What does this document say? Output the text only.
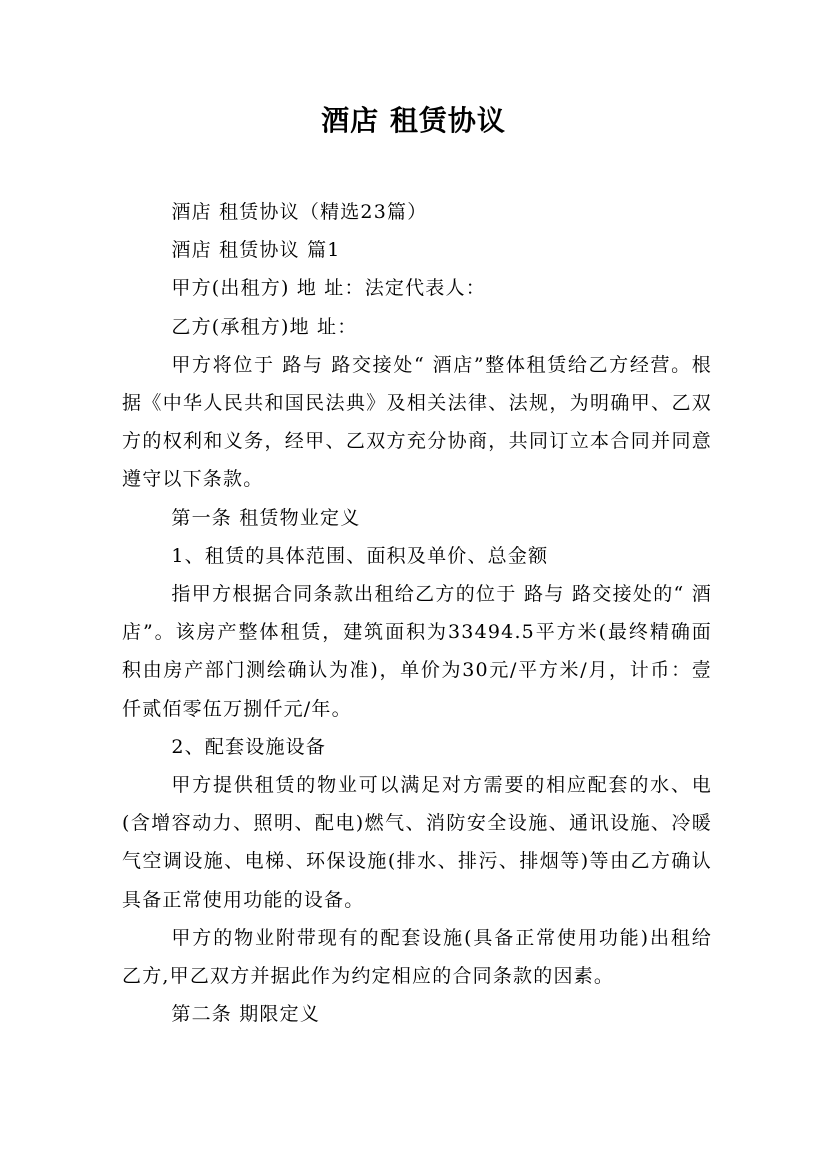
酒店 租赁协议

酒店 租赁协议（精选23篇）

酒店 租赁协议 篇1

甲方(出租方) 地 址：法定代表人：

乙方(承租方)地 址：

甲方将位于 路与 路交接处“ 酒店”整体租赁给乙方经营。根据《中华人民共和国民法典》及相关法律、法规，为明确甲、乙双方的权利和义务，经甲、乙双方充分协商，共同订立本合同并同意遵守以下条款。

第一条 租赁物业定义

1、租赁的具体范围、面积及单价、总金额

指甲方根据合同条款出租给乙方的位于 路与 路交接处的“ 酒店”。该房产整体租赁，建筑面积为33494.5平方米(最终精确面积由房产部门测绘确认为准)，单价为30元/平方米/月，计币：壹仟贰佰零伍万捌仟元/年。

2、配套设施设备

甲方提供租赁的物业可以满足对方需要的相应配套的水、电(含增容动力、照明、配电)燃气、消防安全设施、通讯设施、冷暖气空调设施、电梯、环保设施(排水、排污、排烟等)等由乙方确认具备正常使用功能的设备。

甲方的物业附带现有的配套设施(具备正常使用功能)出租给乙方,甲乙双方并据此作为约定相应的合同条款的因素。

第二条 期限定义
